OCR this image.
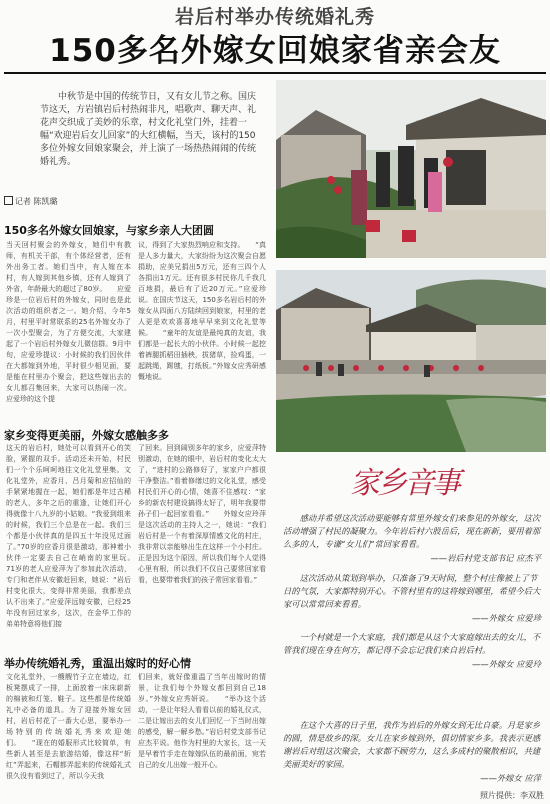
岩后村举办传统婚礼秀
150多名外嫁女回娘家省亲会友

中秋节是中国的传统节日，又有女儿节之称。国庆节这天，方岩镇岩后村热闹非凡，唱歌声、聊天声、礼花声交织成了美妙的乐章，村文化礼堂门外，挂着一幅“欢迎岩后女儿回家”的大红横幅，当天，该村的150多位外嫁女回娘家聚会，并上演了一场热热闹闹的传统婚礼秀。

记者 陈凯璐
150多名外嫁女回娘家，与家乡亲人大团圆

当天回村聚会的外嫁女，她们中有教师，有机关干部，有个体经营者，还有外出务工者。她们当中，有人嫁在本村，有人嫁到其他乡镇，还有人嫁到了外省，年龄最大的超过了80岁。　　应爱珍是一位岩后村的外嫁女，同时也是此次活动的组织者之一。她介绍，今年5月，村里平时常联系的25名外嫁女办了一次小型聚会，为了方便交流，大家建起了一个岩后村外嫁女儿微信群。9月中旬，应爱珍提议：小时候的我们因伙伴在大都嫁到外地，平时很少相见面，要是能在村里办个聚会，把这些嫁出去的女儿都召集回来，大家可以热闹一次。应爱珍的这个提

议，得到了大家热烈响应和支持。　　“真是人多力量大，大家纷纷为这次聚会自愿捐助，应美兄捐出5万元，还有三四个人各捐出1万元。还有很多村民你几千我几百地捐，最后有了近20万元。”应爱珍说。在国庆节这天，150多名岩后村的外嫁女从四面八方陆续回到娘家，村里的老人更是欢欢喜喜地早早来到文化礼堂等候。　　“童年的友谊是最纯真的友谊，我们都是一起长大的小伙伴。小时候一起挖着裤腿抓稻田插秧，拔猪草，捡鸡蛋，一起跳绳，踢毽，打纸板。”外嫁女应秀研感慨地说。

家乡变得更美丽，外嫁女感触多多

这天的岩后村，她处可以看到开心的笑脸，紧握的双手。活动还未开始，村民们一个个乐呵呵地往文化礼堂里集。文化礼堂外，应香月、吕月菊和应招仙的手紧紧地握在一起，她们都是年过古稀的老人，多年之后的重逢，让她们开心得就像十八九岁的小姑娘。“我爱到组来的时候，我们三个总是在一起。我们三个都是小伙伴真的是四五十年没见过面了。”70岁的应香月很是激动，那神着小伙伴一定要去自己在峭南的家里玩。　　71岁的老人应爱萍为了参加此次活动，专门和老伴从安徽赶回来，她说：“岩后村变化很大，变得非常美丽，我都差点认不出来了。”应爱萍远嫁安徽，已经25年没有回过家乡，这次，在金华工作的弟弟特意将他们接

了回来。回到阔别多年的家乡，应爱萍特别激动，在她的眼中，岩后村的变化太大了，“进村的公路修好了，家家户户都很干净整洁。”看着修缮过的文化礼堂，感受村民们开心的心情，她喜不住感叹：“家乡的新农村建设搞得太好了，明年我要带孙子们一起回家看看。”　　外嫁女应玲萍是这次活动的主持人之一，她说：“我们岩后村是一个有着深厚情感文化的村庄，我非常以亲能够出生在这样一个小村庄。正是因为这个原因，所以我们每个人觉得心里有根，所以我们不仅自己要常回家看看，也要带着我们的孩子常回家看看。”

举办传统婚礼秀，重温出嫁时的好心情

文化礼堂外，一艘艘竹子立在墙边，红板凳摆成了一排，上面放着一床床崭新的棉被和灯笼、鞋子。这些都是传统婚礼中必备的道具。为了迎接外嫁女回村，岩后村花了一番大心思，要举办一场特别的传统婚礼秀来欢迎她们。　　“现在的婚服形式比较简单，有些新人甚至是去旅游结婚，像这样“斩红”弄起来，石帽都弄起来的传统婚礼式很久没有看到过了，所以今天我

们回来，就好像重温了当年出嫁时的情景，让我们每个外嫁女都回到自己18岁。”外嫁女应秀妍说。　　“举办这个活动，一是让年轻人看看以前的婚礼仪式，二是让嫁出去的女儿们回忆一下当时出嫁的感受，解一解乡愁。”岩后村党支部书记应杰平说。他作为村里的大家长，这一天是早着竹手走在嫁嫁队伍的最前面，宛若自己的女儿出嫁一般开心。

家乡音事

感动并希望这次活动要能够有常里外嫁女们来参见的外嫁女，这次活动增强了村民的凝聚力。今年岩后村六股岳后，现在新新，要用着那么多的人，专谦“女儿们”常回家看看。

——岩后村党支部书记 应杰平

这次活动从策划到举办，只准备了9天时间，整个村庄像被上了节日的气氛，大家都特别开心。不管村里有的这将嫁到哪里，希望今后大家可以常常回来看看。

——外嫁女 应爱珍

一个村就是一个大家庭，我们都是从这个大家庭嫁出去的女儿，不管我们现在身在何方，都记得不会忘记我们来自岩后村。

——外嫁女 应爱玲

在这个大喜的日子里，我作为岩后的外嫁女到无比自豪。月是家乡的圆，情是故乡的深。女儿在家乡嫁到外，俱切情家乡多。我表示更感谢岩后对组这次聚会，大家都不顾劳力，这么多成村的聚散相识，共建美丽美好的家园。

——外嫁女 应萍
照片提供：李双胜
